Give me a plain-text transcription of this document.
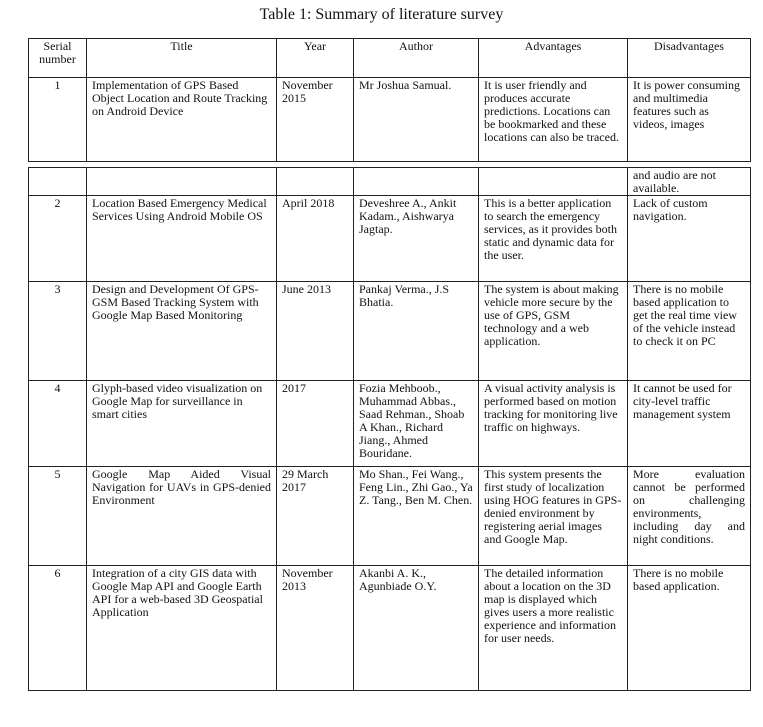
Table 1: Summary of literature survey
Serial number	Title	Year	Author	Advantages	Disadvantages
1	Implementation of GPS Based Object Location and Route Tracking on Android Device	November 2015	Mr Joshua Samual.	It is user friendly and produces accurate predictions. Locations can be bookmarked and these locations can also be traced.	It is power consuming and multimedia features such as videos, images
					and audio are not available.
2	Location Based Emergency Medical Services Using Android Mobile OS	April 2018	Deveshree A., Ankit Kadam., Aishwarya Jagtap.	This is a better application to search the emergency services, as it provides both static and dynamic data for the user.	Lack of custom navigation.
3	Design and Development Of GPS-GSM Based Tracking System with Google Map Based Monitoring	June 2013	Pankaj Verma., J.S Bhatia.	The system is about making vehicle more secure by the use of GPS, GSM technology and a web application.	There is no mobile based application to get the real time view of the vehicle instead to check it on PC
4	Glyph-based video visualization on Google Map for surveillance in smart cities	2017	Fozia Mehboob., Muhammad Abbas., Saad Rehman., Shoab A Khan., Richard Jiang., Ahmed Bouridane.	A visual activity analysis is performed based on motion tracking for monitoring live traffic on highways.	It cannot be used for city-level traffic management system
5	Google Map Aided Visual Navigation for UAVs in GPS-denied Environment	29 March 2017	Mo Shan., Fei Wang., Feng Lin., Zhi Gao., Ya Z. Tang., Ben M. Chen.	This system presents the first study of localization using HOG features in GPS-denied environment by registering aerial images and Google Map.	More evaluation cannot be performed on challenging environments, including day and night conditions.
6	Integration of a city GIS data with Google Map API and Google Earth API for a web-based 3D Geospatial Application	November 2013	Akanbi A. K., Agunbiade O.Y.	The detailed information about a location on the 3D map is displayed which gives users a more realistic experience and information for user needs.	There is no mobile based application.
